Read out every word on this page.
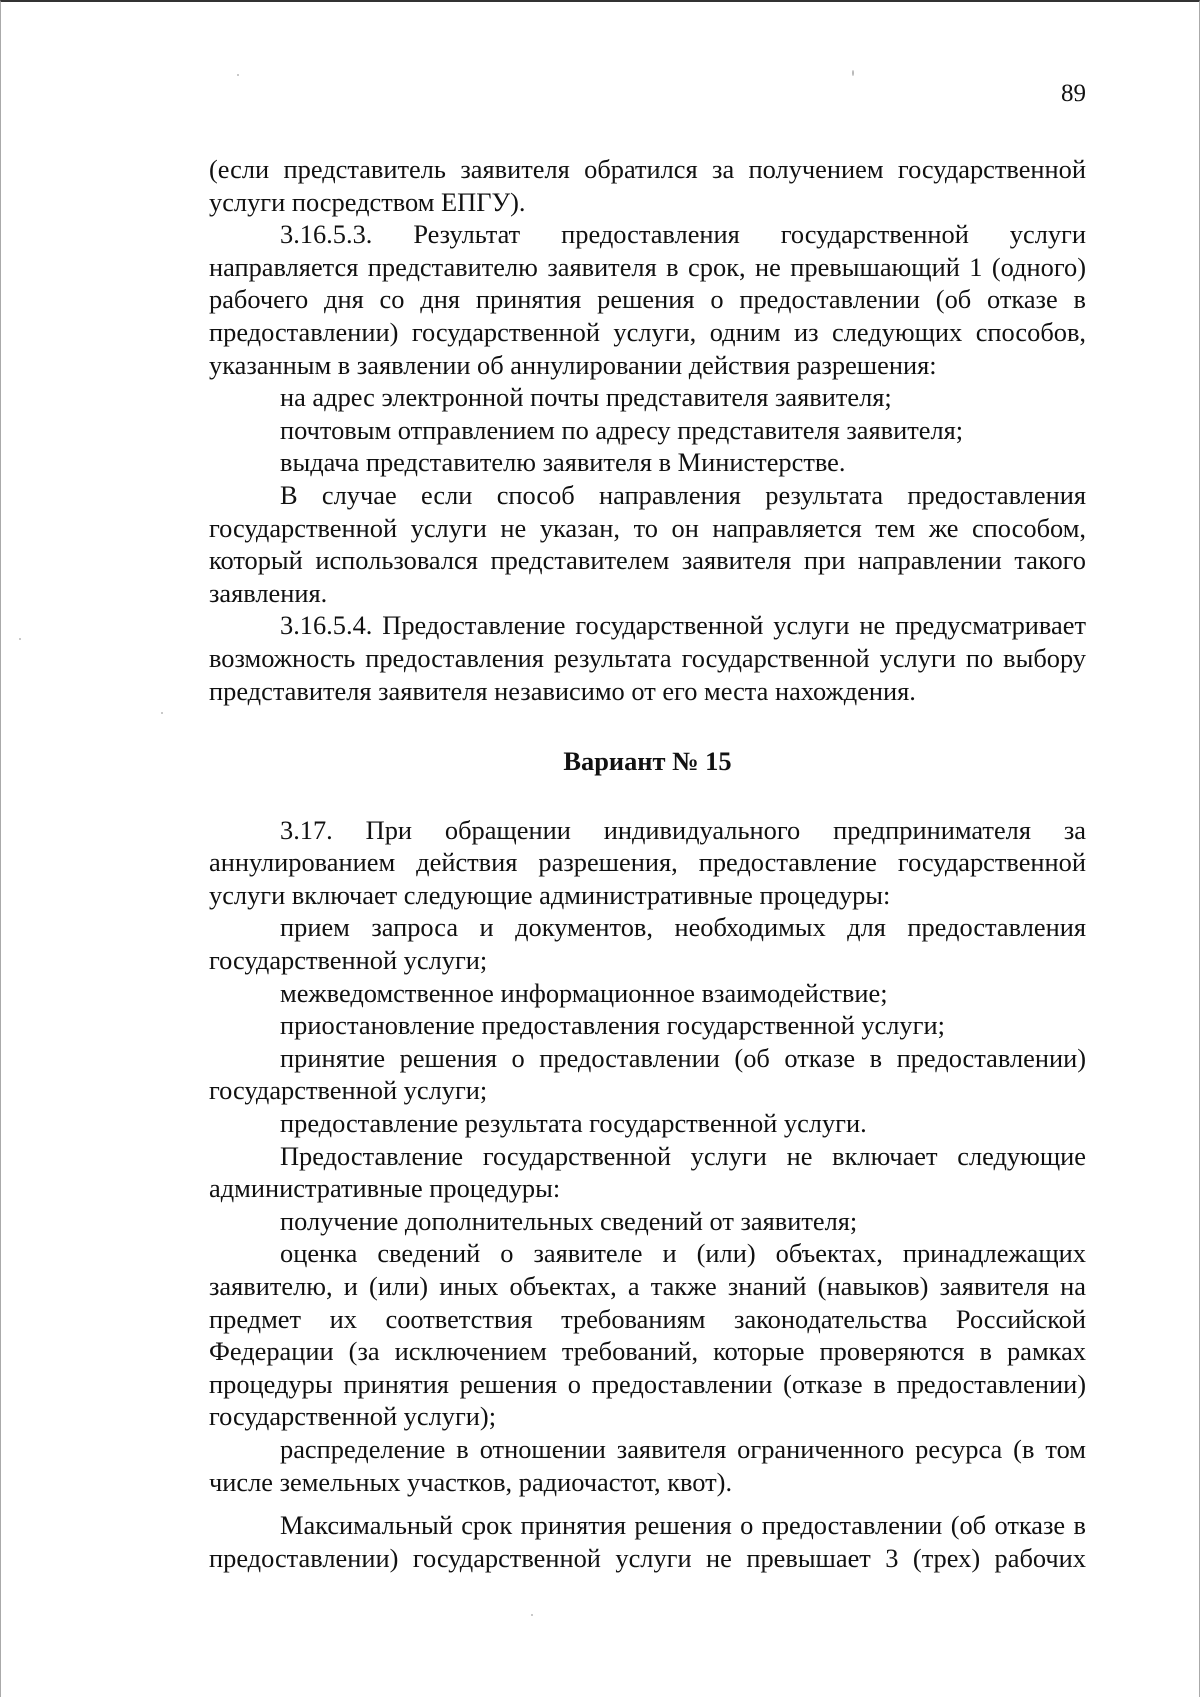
89

(если представитель заявителя обратился за получением государственной услуги посредством ЕПГУ).

3.16.5.3. Результат предоставления государственной услуги направляется представителю заявителя в срок, не превышающий 1 (одного) рабочего дня со дня принятия решения о предоставлении (об отказе в предоставлении) государственной услуги, одним из следующих способов, указанным в заявлении об аннулировании действия разрешения:

на адрес электронной почты представителя заявителя;

почтовым отправлением по адресу представителя заявителя;

выдача представителю заявителя в Министерстве.

В случае если способ направления результата предоставления государственной услуги не указан, то он направляется тем же способом, который использовался представителем заявителя при направлении такого заявления.

3.16.5.4. Предоставление государственной услуги не предусматривает возможность предоставления результата государственной услуги по выбору представителя заявителя независимо от его места нахождения.

Вариант № 15

3.17. При обращении индивидуального предпринимателя за аннулированием действия разрешения, предоставление государственной услуги включает следующие административные процедуры:

прием запроса и документов, необходимых для предоставления государственной услуги;

межведомственное информационное взаимодействие;

приостановление предоставления государственной услуги;

принятие решения о предоставлении (об отказе в предоставлении) государственной услуги;

предоставление результата государственной услуги.

Предоставление государственной услуги не включает следующие административные процедуры:

получение дополнительных сведений от заявителя;

оценка сведений о заявителе и (или) объектах, принадлежащих заявителю, и (или) иных объектах, а также знаний (навыков) заявителя на предмет их соответствия требованиям законодательства Российской Федерации (за исключением требований, которые проверяются в рамках процедуры принятия решения о предоставлении (отказе в предоставлении) государственной услуги);

распределение в отношении заявителя ограниченного ресурса (в том числе земельных участков, радиочастот, квот).

Максимальный срок принятия решения о предоставлении (об отказе в предоставлении) государственной услуги не превышает 3 (трех) рабочих
